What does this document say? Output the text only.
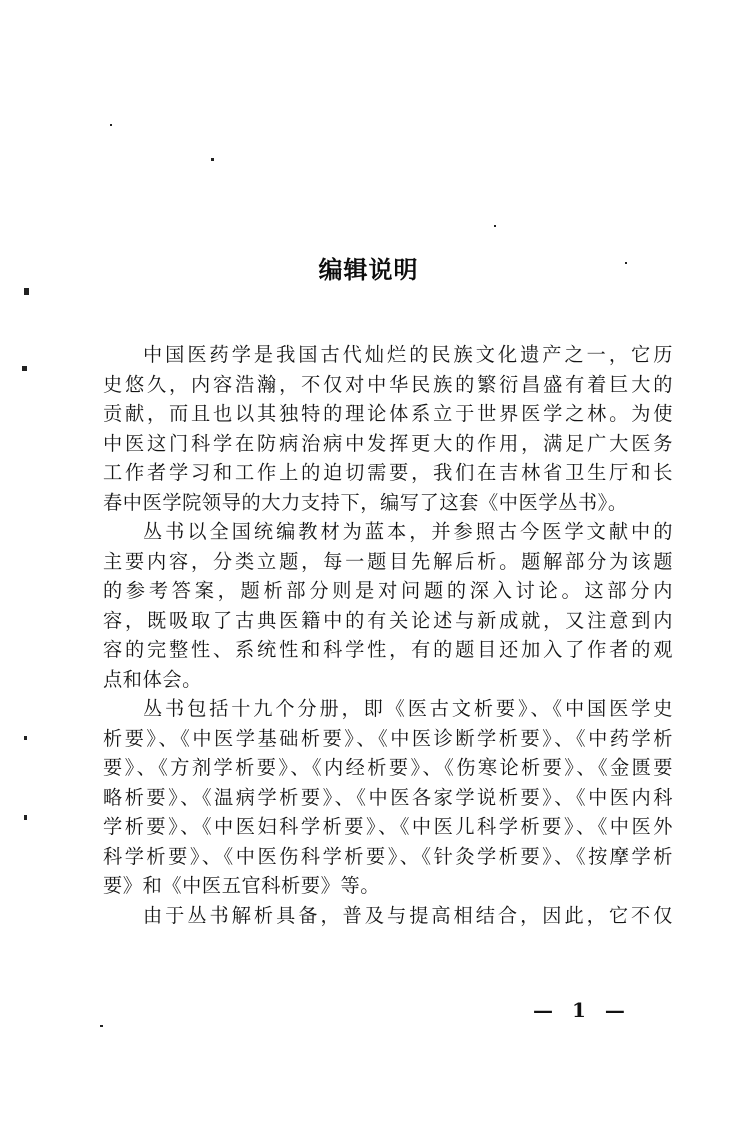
编辑说明
中国医药学是我国古代灿烂的民族文化遗产之一，它历
史悠久，内容浩瀚，不仅对中华民族的繁衍昌盛有着巨大的
贡献，而且也以其独特的理论体系立于世界医学之林。为使
中医这门科学在防病治病中发挥更大的作用，满足广大医务
工作者学习和工作上的迫切需要，我们在吉林省卫生厅和长
春中医学院领导的大力支持下，编写了这套《中医学丛书》。
丛书以全国统编教材为蓝本，并参照古今医学文献中的
主要内容，分类立题，每一题目先解后析。题解部分为该题
的参考答案，题析部分则是对问题的深入讨论。这部分内
容，既吸取了古典医籍中的有关论述与新成就，又注意到内
容的完整性、系统性和科学性，有的题目还加入了作者的观
点和体会。
丛书包括十九个分册，即《医古文析要》、《中国医学史
析要》、《中医学基础析要》、《中医诊断学析要》、《中药学析
要》、《方剂学析要》、《内经析要》、《伤寒论析要》、《金匮要
略析要》、《温病学析要》、《中医各家学说析要》、《中医内科
学析要》、《中医妇科学析要》、《中医儿科学析要》、《中医外
科学析要》、《中医伤科学析要》、《针灸学析要》、《按摩学析
要》和《中医五官科析要》等。
由于丛书解析具备，普及与提高相结合，因此，它不仅
— 1 —
